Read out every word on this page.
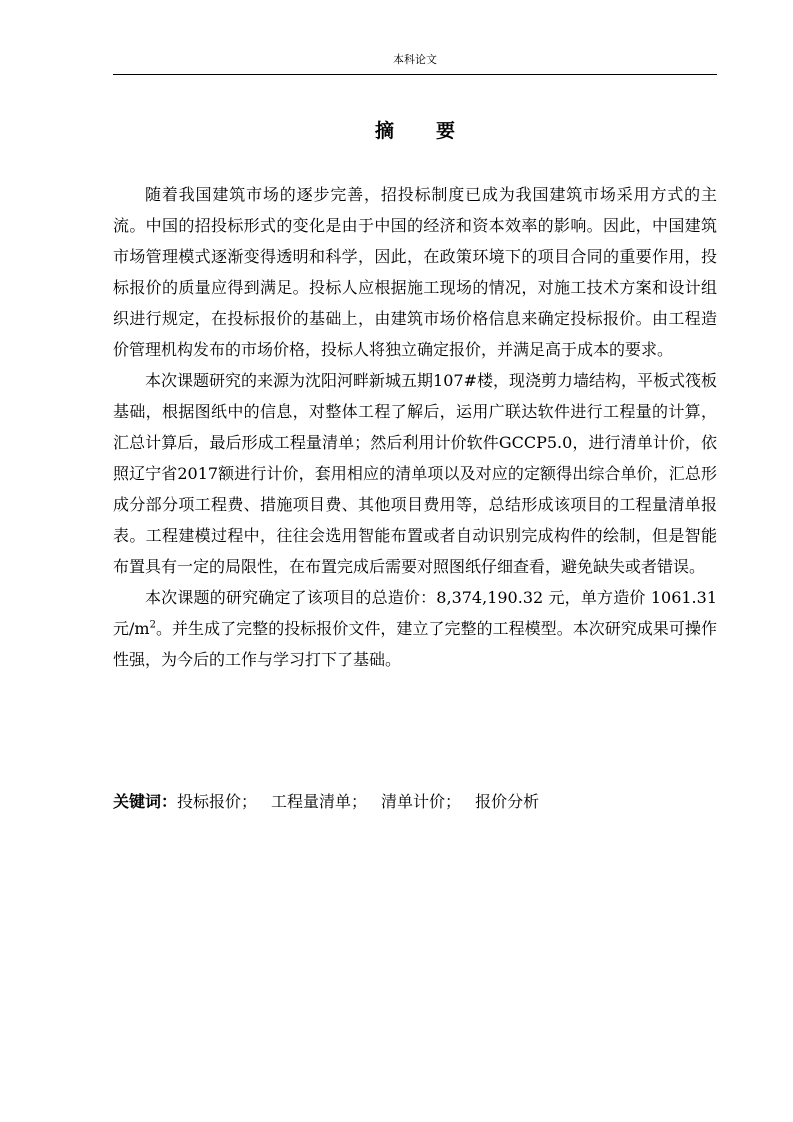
本科论文
摘 要

随着我国建筑市场的逐步完善，招投标制度已成为我国建筑市场采用方式的主流。中国的招投标形式的变化是由于中国的经济和资本效率的影响。因此，中国建筑市场管理模式逐渐变得透明和科学，因此，在政策环境下的项目合同的重要作用，投标报价的质量应得到满足。投标人应根据施工现场的情况，对施工技术方案和设计组织进行规定，在投标报价的基础上，由建筑市场价格信息来确定投标报价。由工程造价管理机构发布的市场价格，投标人将独立确定报价，并满足高于成本的要求。

本次课题研究的来源为沈阳河畔新城五期107#楼，现浇剪力墙结构，平板式筏板基础，根据图纸中的信息，对整体工程了解后，运用广联达软件进行工程量的计算，汇总计算后，最后形成工程量清单；然后利用计价软件GCCP5.0，进行清单计价，依照辽宁省2017额进行计价，套用相应的清单项以及对应的定额得出综合单价，汇总形成分部分项工程费、措施项目费、其他项目费用等，总结形成该项目的工程量清单报表。工程建模过程中，往往会选用智能布置或者自动识别完成构件的绘制，但是智能布置具有一定的局限性，在布置完成后需要对照图纸仔细查看，避免缺失或者错误。

本次课题的研究确定了该项目的总造价：8,374,190.32 元，单方造价 1061.31 元$/m^2$。并生成了完整的投标报价文件，建立了完整的工程模型。本次研究成果可操作性强，为今后的工作与学习打下了基础。

关键词：投标报价； 工程量清单； 清单计价； 报价分析
